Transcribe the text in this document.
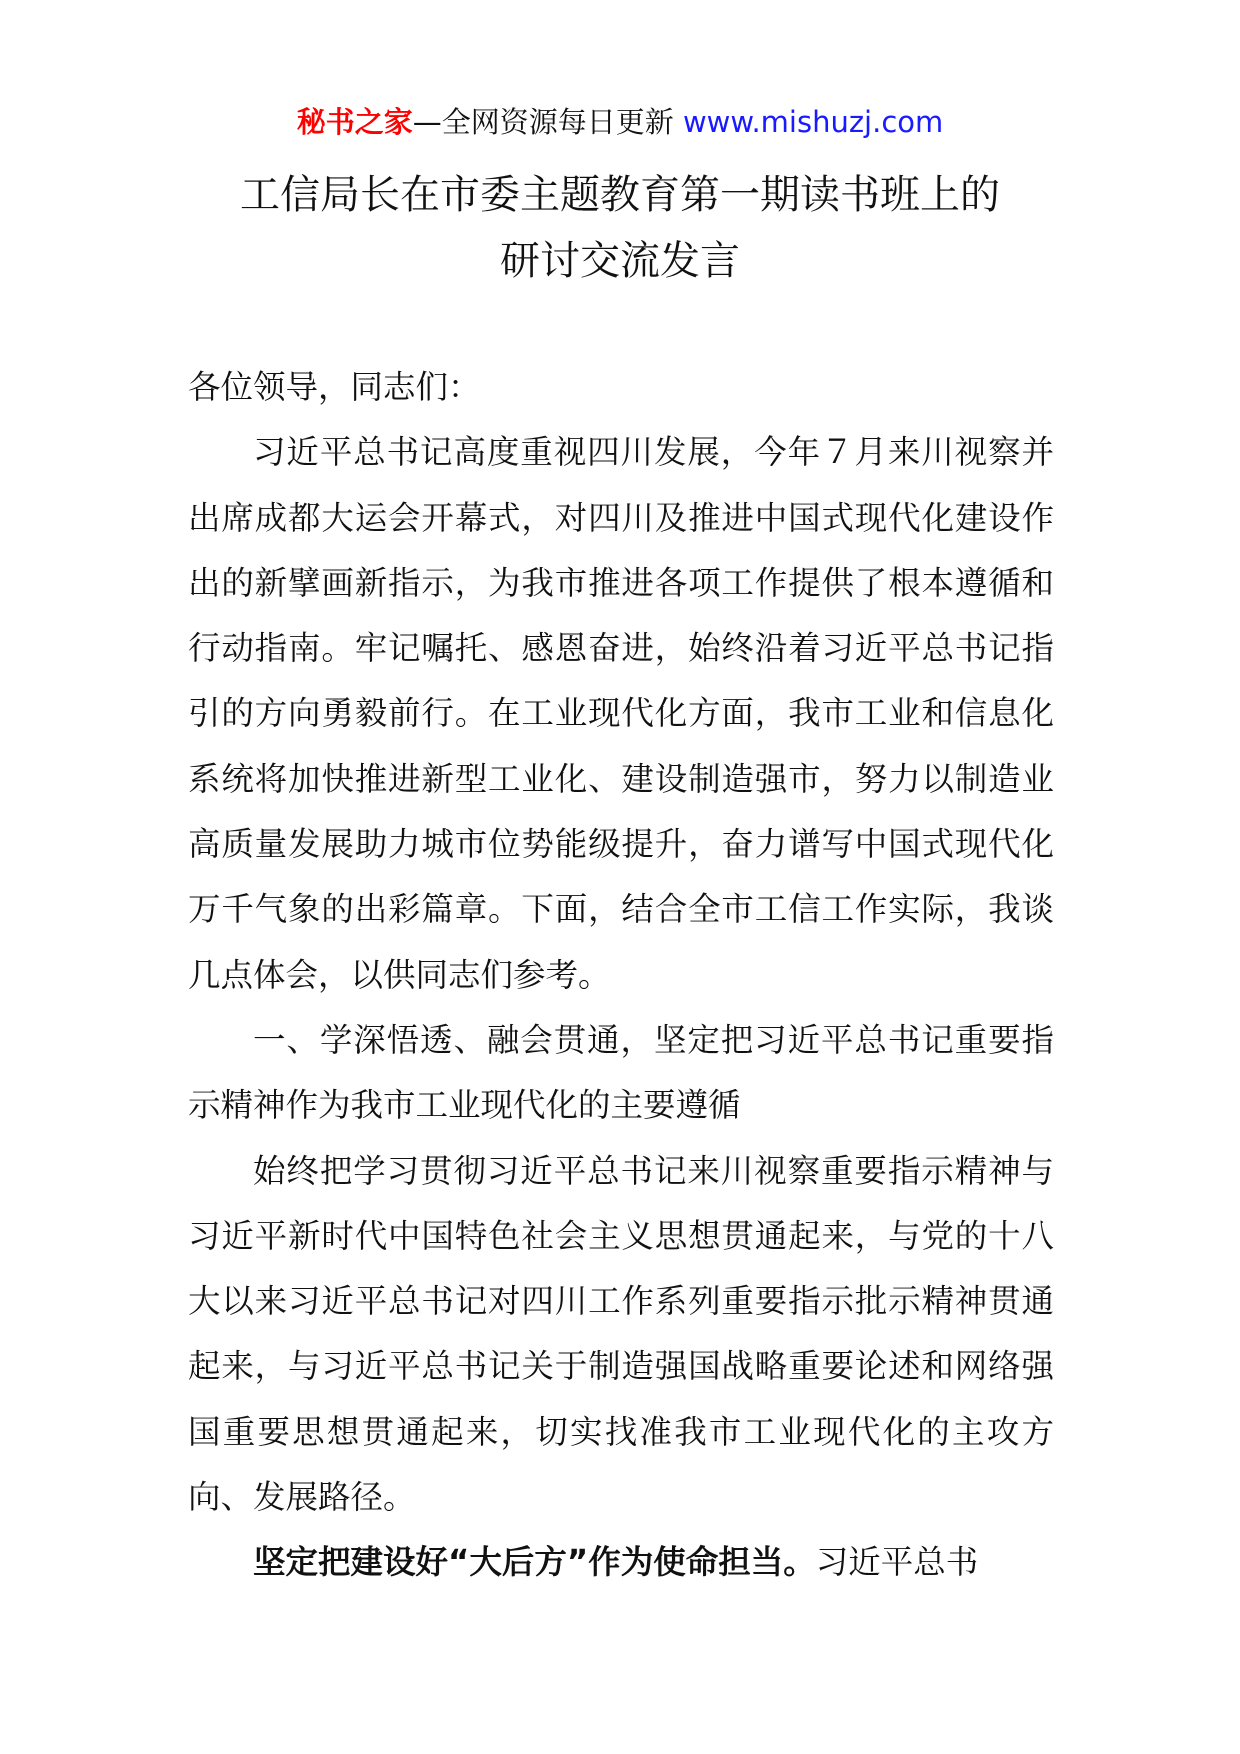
秘书之家—全网资源每日更新 www.mishuzj.com
工信局长在市委主题教育第一期读书班上的
研讨交流发言

各位领导，同志们：

习近平总书记高度重视四川发展，今年７月来川视察并出席成都大运会开幕式，对四川及推进中国式现代化建设作出的新擘画新指示，为我市推进各项工作提供了根本遵循和行动指南。牢记嘱托、感恩奋进，始终沿着习近平总书记指引的方向勇毅前行。在工业现代化方面，我市工业和信息化系统将加快推进新型工业化、建设制造强市，努力以制造业高质量发展助力城市位势能级提升，奋力谱写中国式现代化万千气象的出彩篇章。下面，结合全市工信工作实际，我谈几点体会，以供同志们参考。

一、学深悟透、融会贯通，坚定把习近平总书记重要指示精神作为我市工业现代化的主要遵循

始终把学习贯彻习近平总书记来川视察重要指示精神与习近平新时代中国特色社会主义思想贯通起来，与党的十八大以来习近平总书记对四川工作系列重要指示批示精神贯通起来，与习近平总书记关于制造强国战略重要论述和网络强国重要思想贯通起来，切实找准我市工业现代化的主攻方向、发展路径。

坚定把建设好“大后方”作为使命担当。习近平总书
